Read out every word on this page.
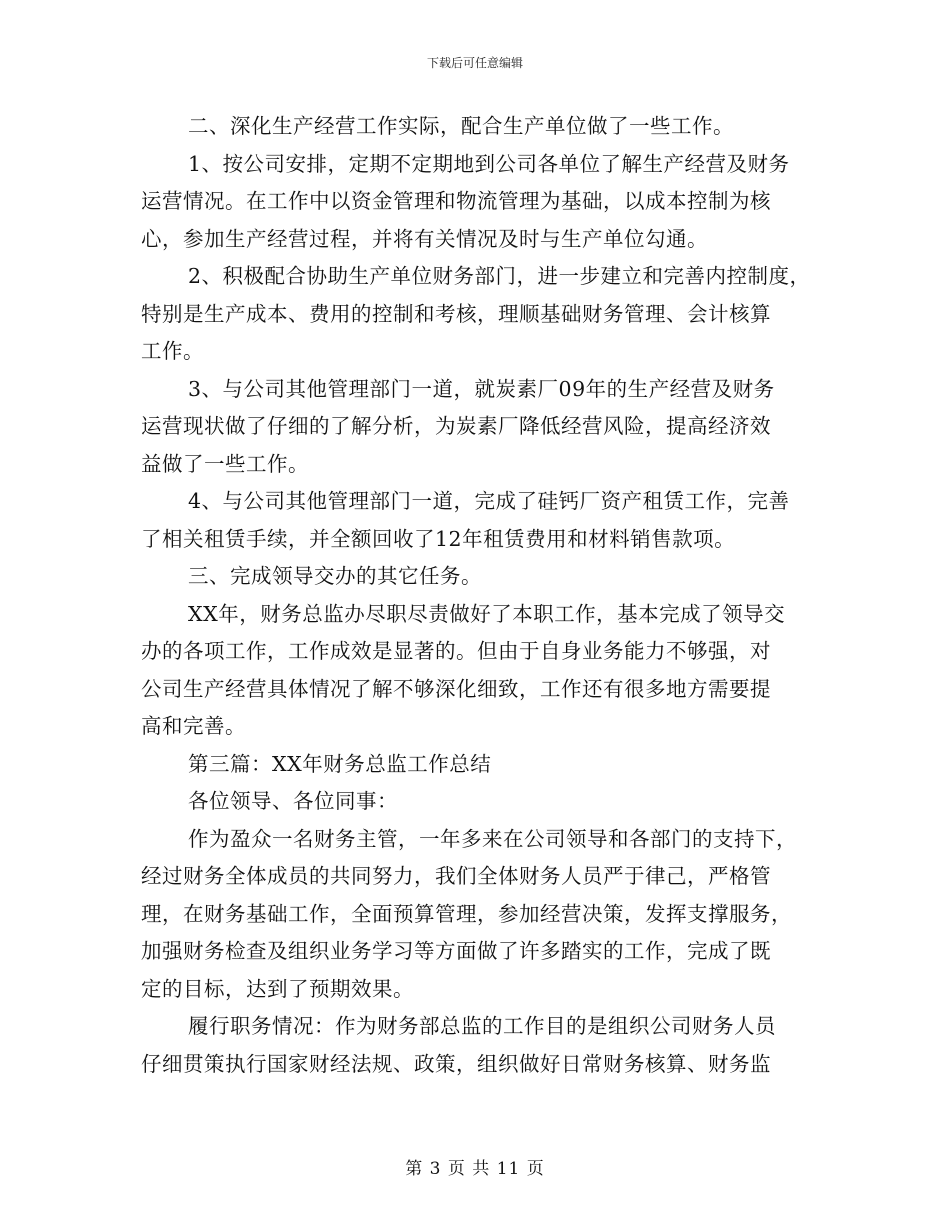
下载后可任意编辑
二、深化生产经营工作实际，配合生产单位做了一些工作。
1、按公司安排，定期不定期地到公司各单位了解生产经营及财务
运营情况。在工作中以资金管理和物流管理为基础，以成本控制为核
心，参加生产经营过程，并将有关情况及时与生产单位勾通。
2、积极配合协助生产单位财务部门，进一步建立和完善内控制度，
特别是生产成本、费用的控制和考核，理顺基础财务管理、会计核算
工作。
3、与公司其他管理部门一道，就炭素厂09年的生产经营及财务
运营现状做了仔细的了解分析，为炭素厂降低经营风险，提高经济效
益做了一些工作。
4、与公司其他管理部门一道，完成了硅钙厂资产租赁工作，完善
了相关租赁手续，并全额回收了12年租赁费用和材料销售款项。
三、完成领导交办的其它任务。
XX年，财务总监办尽职尽责做好了本职工作，基本完成了领导交
办的各项工作，工作成效是显著的。但由于自身业务能力不够强，对
公司生产经营具体情况了解不够深化细致，工作还有很多地方需要提
高和完善。
第三篇：XX年财务总监工作总结
各位领导、各位同事：
作为盈众一名财务主管，一年多来在公司领导和各部门的支持下，
经过财务全体成员的共同努力，我们全体财务人员严于律己，严格管
理，在财务基础工作，全面预算管理，参加经营决策，发挥支撑服务，
加强财务检查及组织业务学习等方面做了许多踏实的工作，完成了既
定的目标，达到了预期效果。
履行职务情况：作为财务部总监的工作目的是组织公司财务人员
仔细贯策执行国家财经法规、政策，组织做好日常财务核算、财务监
第 3 页 共 11 页
